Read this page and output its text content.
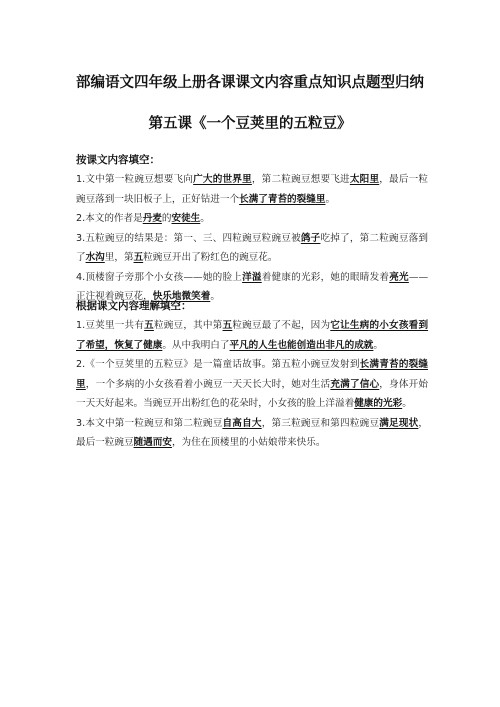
部编语文四年级上册各课课文内容重点知识点题型归纳
第五课《一个豆荚里的五粒豆》
按课文内容填空：
1.文中第一粒豌豆想要飞向广大的世界里，第二粒豌豆想要飞进太阳里，最后一粒豌豆落到一块旧板子上，正好钻进一个长满了青苔的裂缝里。
2.本文的作者是丹麦的安徒生。
3.五粒豌豆的结果是：第一、三、四粒豌豆粒豌豆被鸽子吃掉了，第二粒豌豆落到了水沟里，第五粒豌豆开出了粉红色的豌豆花。
4.顶楼窗子旁那个小女孩——她的脸上洋溢着健康的光彩，她的眼睛发着亮光——正注视着豌豆花，快乐地微笑着。
根据课文内容理解填空：
1.豆荚里一共有五粒豌豆，其中第五粒豌豆最了不起，因为它让生病的小女孩看到了希望，恢复了健康。从中我明白了平凡的人生也能创造出非凡的成就。
2.《一个豆荚里的五粒豆》是一篇童话故事。第五粒小豌豆发射到长满青苔的裂缝里，一个多病的小女孩看着小豌豆一天天长大时，她对生活充满了信心，身体开始一天天好起来。当豌豆开出粉红色的花朵时，小女孩的脸上洋溢着健康的光彩。
3.本文中第一粒豌豆和第二粒豌豆自高自大，第三粒豌豆和第四粒豌豆满足现状，最后一粒豌豆随遇而安，为住在顶楼里的小姑娘带来快乐。
